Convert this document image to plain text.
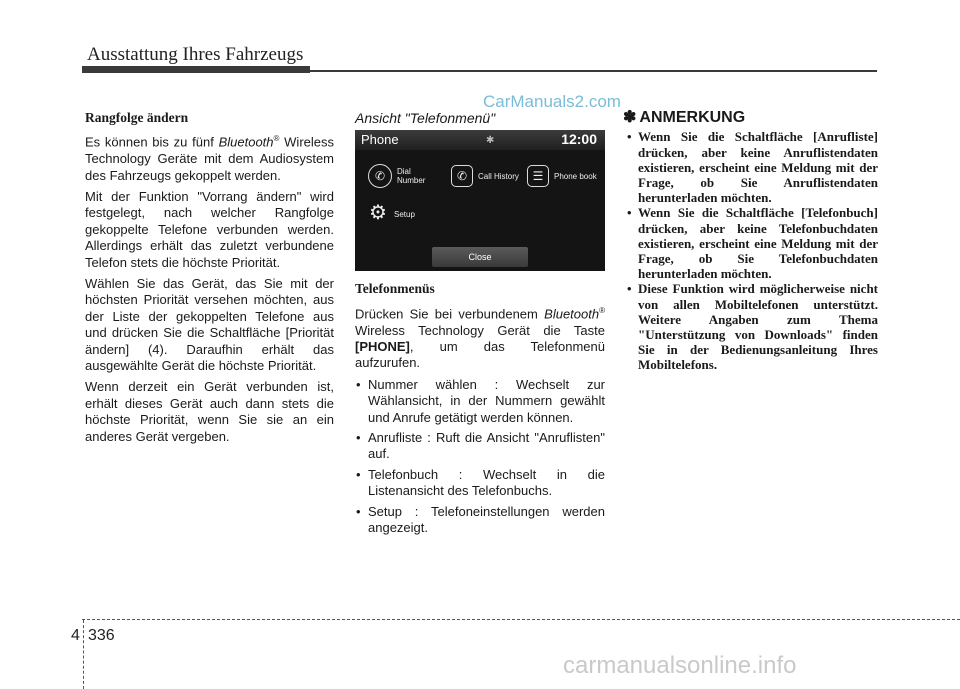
Ausstattung Ihres Fahrzeugs
CarManuals2.com

Rangfolge ändern

Es können bis zu fünf Bluetooth® Wireless Technology Geräte mit dem Audiosystem des Fahrzeugs gekoppelt werden.

Mit der Funktion "Vorrang ändern" wird festgelegt, nach welcher Rangfolge gekoppelte Telefone verbunden werden. Allerdings erhält das zuletzt verbundene Telefon stets die höchste Priorität.

Wählen Sie das Gerät, das Sie mit der höchsten Priorität versehen möchten, aus der Liste der gekoppelten Telefone aus und drücken Sie die Schaltfläche [Priorität ändern] (4). Daraufhin erhält das ausgewählte Gerät die höchste Priorität.

Wenn derzeit ein Gerät verbunden ist, erhält dieses Gerät auch dann stets die höchste Priorität, wenn Sie sie an ein anderes Gerät vergeben.

Ansicht "Telefonmenü"
Phone	✱	12:00
✆	Dial Number	✆	Call History	☰	Phone book
⚙ Setup
Close

Telefonmenüs

Drücken Sie bei verbundenem Bluetooth® Wireless Technology Gerät die Taste [PHONE], um das Telefonmenü aufzurufen.

• Nummer wählen : Wechselt zur Wählansicht, in der Nummern gewählt und Anrufe getätigt werden können.
• Anrufliste : Ruft die Ansicht "Anruflisten" auf.
• Telefonbuch : Wechselt in die Listenansicht des Telefonbuchs.
• Setup : Telefoneinstellungen werden angezeigt.
✽ ANMERKUNG
• Wenn Sie die Schaltfläche [Anrufliste] drücken, aber keine Anruflistendaten existieren, erscheint eine Meldung mit der Frage, ob Sie Anruflistendaten herunterladen möchten.
• Wenn Sie die Schaltfläche [Telefonbuch] drücken, aber keine Telefonbuchdaten existieren, erscheint eine Meldung mit der Frage, ob Sie Telefonbuchdaten herunterladen möchten.
• Diese Funktion wird möglicherweise nicht von allen Mobiltelefonen unterstützt. Weitere Angaben zum Thema "Unterstützung von Downloads" finden Sie in der Bedienungsanleitung Ihres Mobiltelefons.
4 336
carmanualsonline.info
